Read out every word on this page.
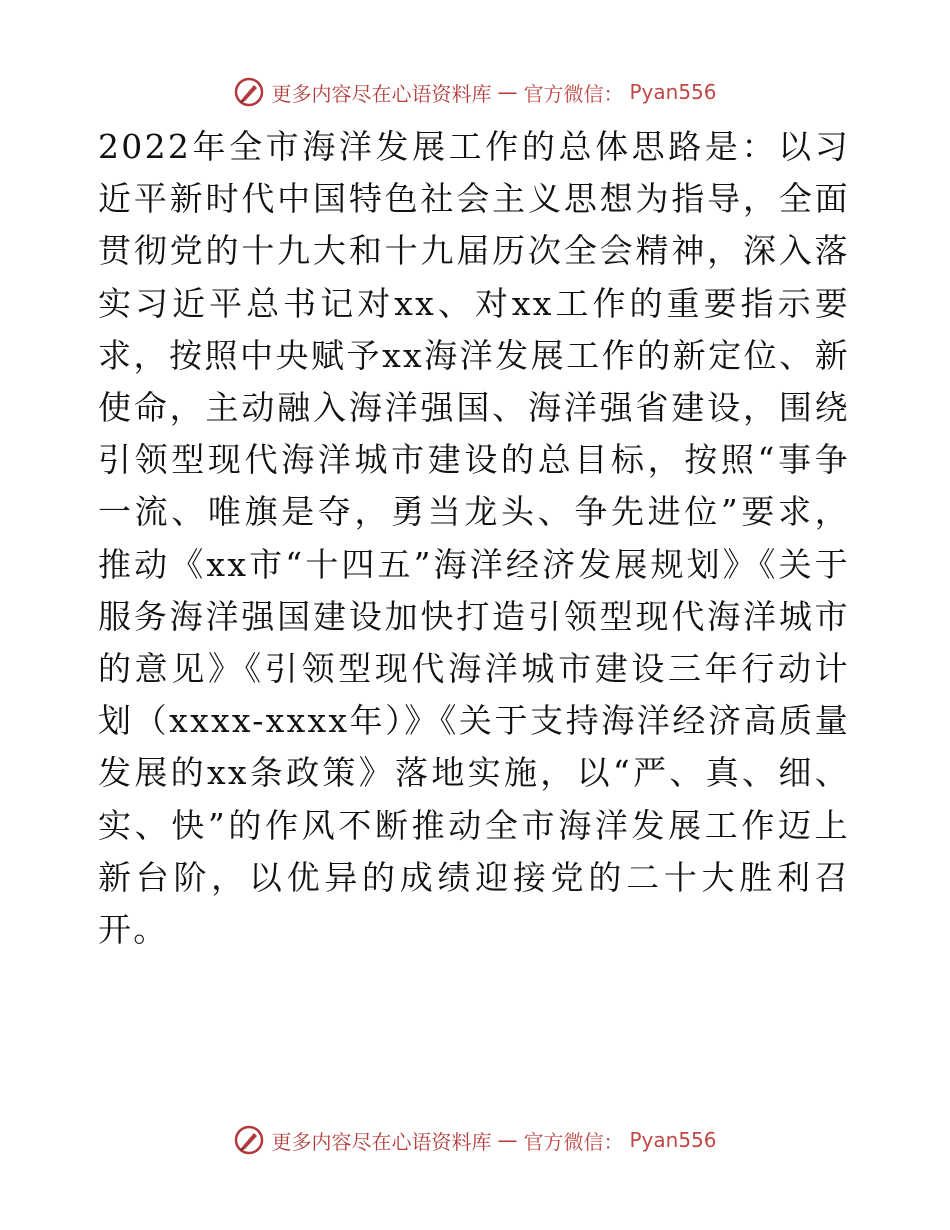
更多内容尽在心语资料库 — 官方微信： Pyan556

2022年全市海洋发展工作的总体思路是：以习近平新时代中国特色社会主义思想为指导，全面贯彻党的十九大和十九届历次全会精神，深入落实习近平总书记对xx、对xx工作的重要指示要求，按照中央赋予xx海洋发展工作的新定位、新使命，主动融入海洋强国、海洋强省建设，围绕引领型现代海洋城市建设的总目标，按照“事争一流、唯旗是夺，勇当龙头、争先进位”要求，推动《xx市“十四五”海洋经济发展规划》《关于服务海洋强国建设加快打造引领型现代海洋城市的意见》《引领型现代海洋城市建设三年行动计划（xxxx-xxxx年）》《关于支持海洋经济高质量发展的xx条政策》落地实施，以“严、真、细、实、快”的作风不断推动全市海洋发展工作迈上新台阶，以优异的成绩迎接党的二十大胜利召开。

更多内容尽在心语资料库 — 官方微信： Pyan556
